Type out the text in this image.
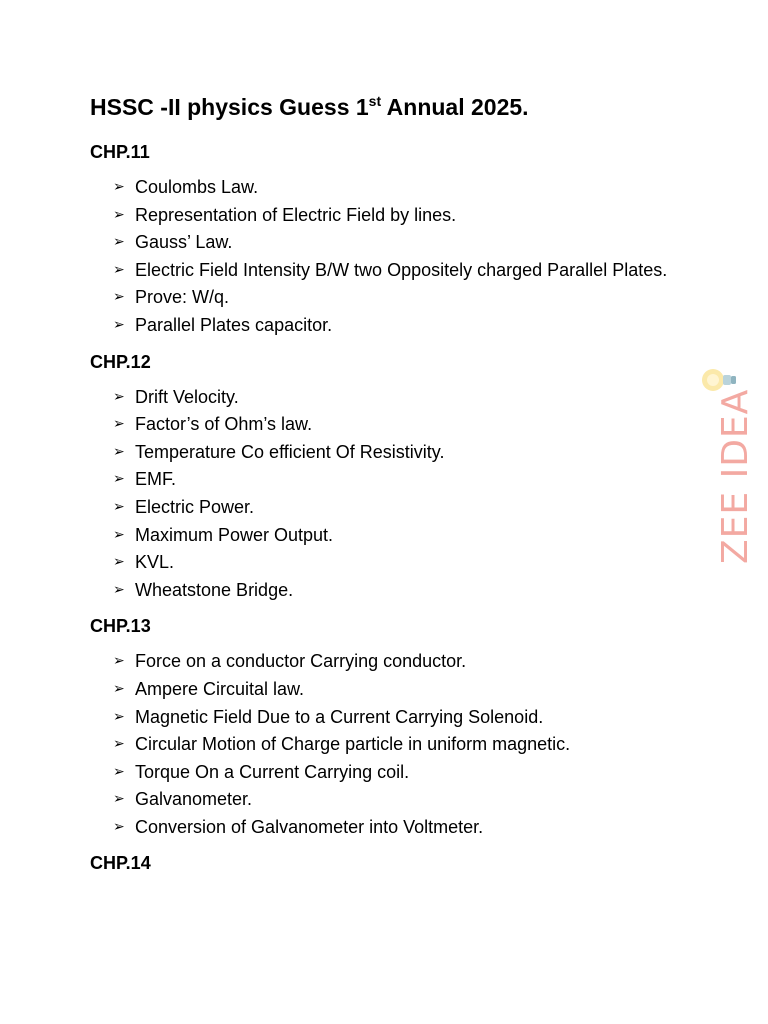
HSSC -II physics Guess 1st Annual 2025.
CHP.11
➢ Coulombs Law.
➢ Representation of Electric Field by lines.
➢ Gauss’ Law.
➢ Electric Field Intensity B/W two Oppositely charged Parallel Plates.
➢ Prove: W/q.
➢ Parallel Plates capacitor.
CHP.12
➢ Drift Velocity.
➢ Factor’s of Ohm’s law.
➢ Temperature Co efficient Of Resistivity.
➢ EMF.
➢ Electric Power.
➢ Maximum Power Output.
➢ KVL.
➢ Wheatstone Bridge.
CHP.13
➢ Force on a conductor Carrying conductor.
➢ Ampere Circuital law.
➢ Magnetic Field Due to a Current Carrying Solenoid.
➢ Circular Motion of Charge particle in uniform magnetic.
➢ Torque On a Current Carrying coil.
➢ Galvanometer.
➢ Conversion of Galvanometer into Voltmeter.
CHP.14
ZEE IDEA
